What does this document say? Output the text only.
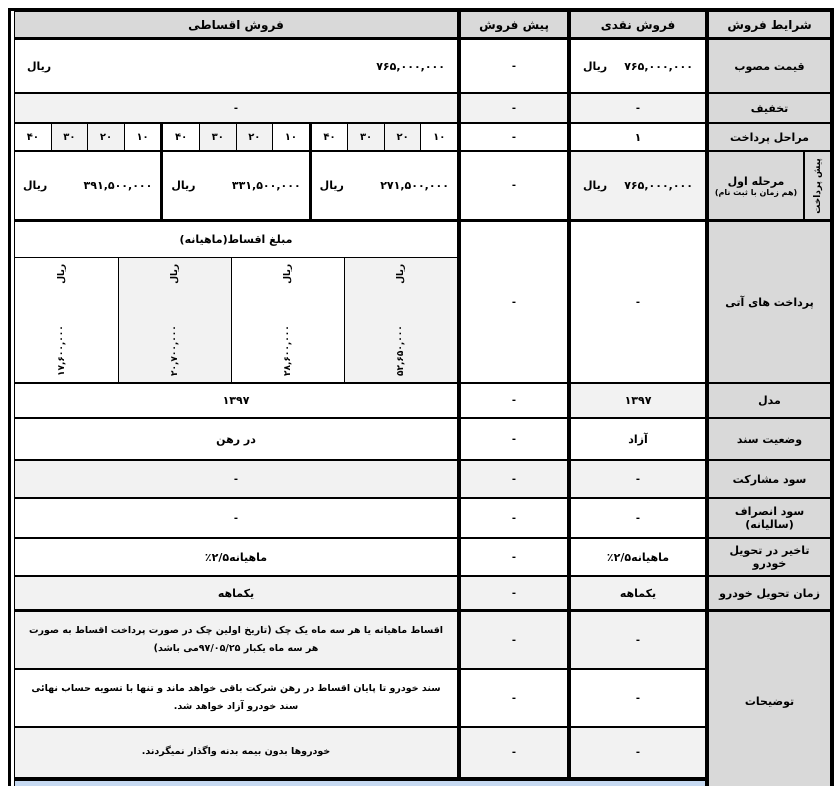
شرایط فروش
فروش نقدی
پیش فروش
فروش اقساطی
قیمت مصوب
۷۶۵,۰۰۰,۰۰۰
ریال
-
۷۶۵,۰۰۰,۰۰۰
ریال
تخفیف
-
-
-
مراحل پرداخت
۱
-
۱۰
۲۰
۳۰
۴۰
۱۰
۲۰
۳۰
۴۰
۱۰
۲۰
۳۰
۴۰
پیش پرداخت
مرحله اول
(هم زمان با ثبت نام)
۷۶۵,۰۰۰,۰۰۰
ریال
-
۲۷۱,۵۰۰,۰۰۰
ریال
۳۳۱,۵۰۰,۰۰۰
ریال
۳۹۱,۵۰۰,۰۰۰
ریال
پرداخت های آتی
-
-
مبلغ اقساط(ماهیانه)
۵۲,۶۵۰,۰۰۰
ریال
۲۸,۶۰۰,۰۰۰
ریال
۲۰,۷۰۰,۰۰۰
ریال
۱۷,۶۰۰,۰۰۰
ریال
مدل
۱۳۹۷
-
۱۳۹۷
وضعیت سند
آزاد
-
در رهن
سود مشارکت
-
-
-
سود انصراف (سالیانه)
-
-
-
تاخیر در تحویل خودرو
٪۲/۵ماهیانه
-
٪۲/۵ماهیانه
زمان تحویل خودرو
یکماهه
-
یکماهه
توضیحات
-
-
اقساط ماهیانه یا هر سه ماه یک چک (تاریخ اولین چک در صورت پرداخت اقساط به صورت هر سه ماه یکبار ۹۷/۰۵/۲۵می باشد)
-
-
سند خودرو تا پایان اقساط در رهن شرکت باقی خواهد ماند و تنها با تسویه حساب نهائی سند خودرو آزاد خواهد شد.
-
-
خودروها بدون بیمه بدنه واگذار نمیگردند.
